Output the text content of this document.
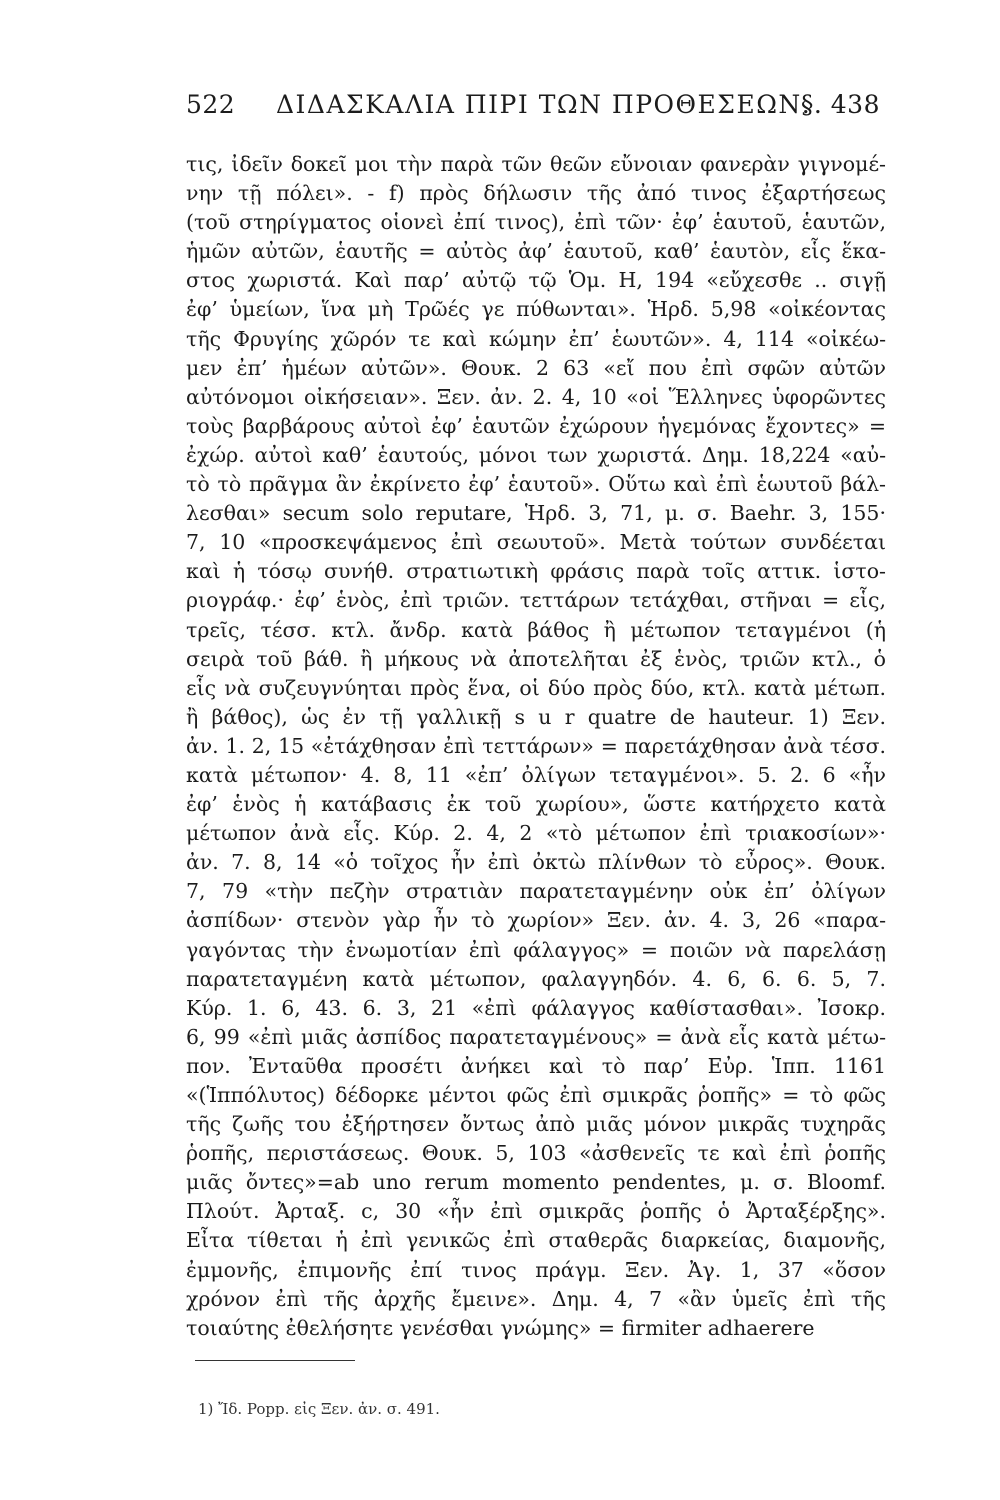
522 ΔΙΔΑΣΚΑΛΙΑ ΠΙΡΙ ΤΩΝ ΠΡΟΘΕΣΕΩΝ.
§. 438
τις, ἰδεῖν δοκεῖ μοι τὴν παρὰ τῶν θεῶν εὔνοιαν φανερὰν γιγνομέ-
νην τῇ πόλει». - f) πρὸς δήλωσιν τῆς ἀπό τινος ἐξαρτήσεως
(τοῦ στηρίγματος οἱονεὶ ἐπί τινος), ἐπὶ τῶν· ἐφ’ ἑαυτοῦ, ἑαυτῶν,
ἡμῶν αὐτῶν, ἑαυτῆς = αὐτὸς ἀφ’ ἑαυτοῦ, καθ’ ἑαυτὸν, εἷς ἕκα-
στος χωριστά. Καὶ παρ’ αὐτῷ τῷ Ὁμ. Η, 194 «εὔχεσθε .. σιγῇ
ἐφ’ ὑμείων, ἵνα μὴ Τρῶές γε πύθωνται». Ἡρδ. 5,98 «οἰκέοντας
τῆς Φρυγίης χῶρόν τε καὶ κώμην ἐπ’ ἑωυτῶν». 4, 114 «οἰκέω-
μεν ἐπ’ ἡμέων αὐτῶν». Θουκ. 2 63 «εἴ που ἐπὶ σφῶν αὐτῶν
αὐτόνομοι οἰκήσειαν». Ξεν. ἀν. 2. 4, 10 «οἱ Ἕλληνες ὑφορῶντες
τοὺς βαρβάρους αὐτοὶ ἐφ’ ἑαυτῶν ἐχώρουν ἡγεμόνας ἔχοντες» =
ἐχώρ. αὐτοὶ καθ’ ἑαυτούς, μόνοι των χωριστά. Δημ. 18,224 «αὐ-
τὸ τὸ πρᾶγμα ἂν ἐκρίνετο ἐφ’ ἑαυτοῦ». Οὕτω καὶ ἐπὶ ἑωυτοῦ βάλ-
λεσθαι» secum solo reputare, Ἡρδ. 3, 71, μ. σ. Baehr. 3, 155·
7, 10 «προσκεψάμενος ἐπὶ σεωυτοῦ». Μετὰ τούτων συνδέεται
καὶ ἡ τόσῳ συνήθ. στρατιωτικὴ φράσις παρὰ τοῖς αττικ. ἱστο-
ριογράφ.· ἐφ’ ἑνὸς, ἐπὶ τριῶν. τεττάρων τετάχθαι, στῆναι = εἷς,
τρεῖς, τέσσ. κτλ. ἄνδρ. κατὰ βάθος ἢ μέτωπον τεταγμένοι (ἡ
σειρὰ τοῦ βάθ. ἢ μήκους νὰ ἀποτελῆται ἐξ ἑνὸς, τριῶν κτλ., ὁ
εἷς νὰ συζευγνύηται πρὸς ἕνα, οἱ δύο πρὸς δύο, κτλ. κατὰ μέτωπ.
ἢ βάθος), ὡς ἐν τῇ γαλλικῇ s u r quatre de hauteur. 1) Ξεν.
ἀν. 1. 2, 15 «ἐτάχθησαν ἐπὶ τεττάρων» = παρετάχθησαν ἀνὰ τέσσ.
κατὰ μέτωπον· 4. 8, 11 «ἐπ’ ὀλίγων τεταγμένοι». 5. 2. 6 «ἦν
ἐφ’ ἑνὸς ἡ κατάβασις ἐκ τοῦ χωρίου», ὥστε κατήρχετο κατὰ
μέτωπον ἀνὰ εἷς. Κύρ. 2. 4, 2 «τὸ μέτωπον ἐπὶ τριακοσίων»·
ἀν. 7. 8, 14 «ὁ τοῖχος ἦν ἐπὶ ὀκτὼ πλίνθων τὸ εὖρος». Θουκ.
7, 79 «τὴν πεζὴν στρατιὰν παρατεταγμένην οὐκ ἐπ’ ὀλίγων
ἀσπίδων· στενὸν γὰρ ἦν τὸ χωρίον» Ξεν. ἀν. 4. 3, 26 «παρα-
γαγόντας τὴν ἐνωμοτίαν ἐπὶ φάλαγγος» = ποιῶν νὰ παρελάσῃ
παρατεταγμένη κατὰ μέτωπον, φαλαγγηδόν. 4. 6, 6. 6. 5, 7.
Κύρ. 1. 6, 43. 6. 3, 21 «ἐπὶ φάλαγγος καθίστασθαι». Ἰσοκρ.
6, 99 «ἐπὶ μιᾶς ἀσπίδος παρατεταγμένους» = ἀνὰ εἷς κατὰ μέτω-
πον. Ἐνταῦθα προσέτι ἀνήκει καὶ τὸ παρ’ Εὐρ. Ἱππ. 1161
«(Ἱππόλυτος) δέδορκε μέντοι φῶς ἐπὶ σμικρᾶς ῥοπῆς» = τὸ φῶς
τῆς ζωῆς του ἐξήρτησεν ὄντως ἀπὸ μιᾶς μόνον μικρᾶς τυχηρᾶς
ῥοπῆς, περιστάσεως. Θουκ. 5, 103 «ἀσθενεῖς τε καὶ ἐπὶ ῥοπῆς
μιᾶς ὄντες»=ab uno rerum momento pendentes, μ. σ. Bloomf.
Πλούτ. Ἀρταξ. c, 30 «ἦν ἐπὶ σμικρᾶς ῥοπῆς ὁ Ἀρταξέρξης».
Εἶτα τίθεται ἡ ἐπὶ γενικῶς ἐπὶ σταθερᾶς διαρκείας, διαμονῆς,
ἐμμονῆς, ἐπιμονῆς ἐπί τινος πράγμ. Ξεν. Ἀγ. 1, 37 «ὅσον
χρόνον ἐπὶ τῆς ἀρχῆς ἔμεινε». Δημ. 4, 7 «ἂν ὑμεῖς ἐπὶ τῆς
τοιαύτης ἐθελήσητε γενέσθαι γνώμης» = firmiter adhaerere
1) Ἴδ. Popp. εἰς Ξεν. ἀν. σ. 491.
